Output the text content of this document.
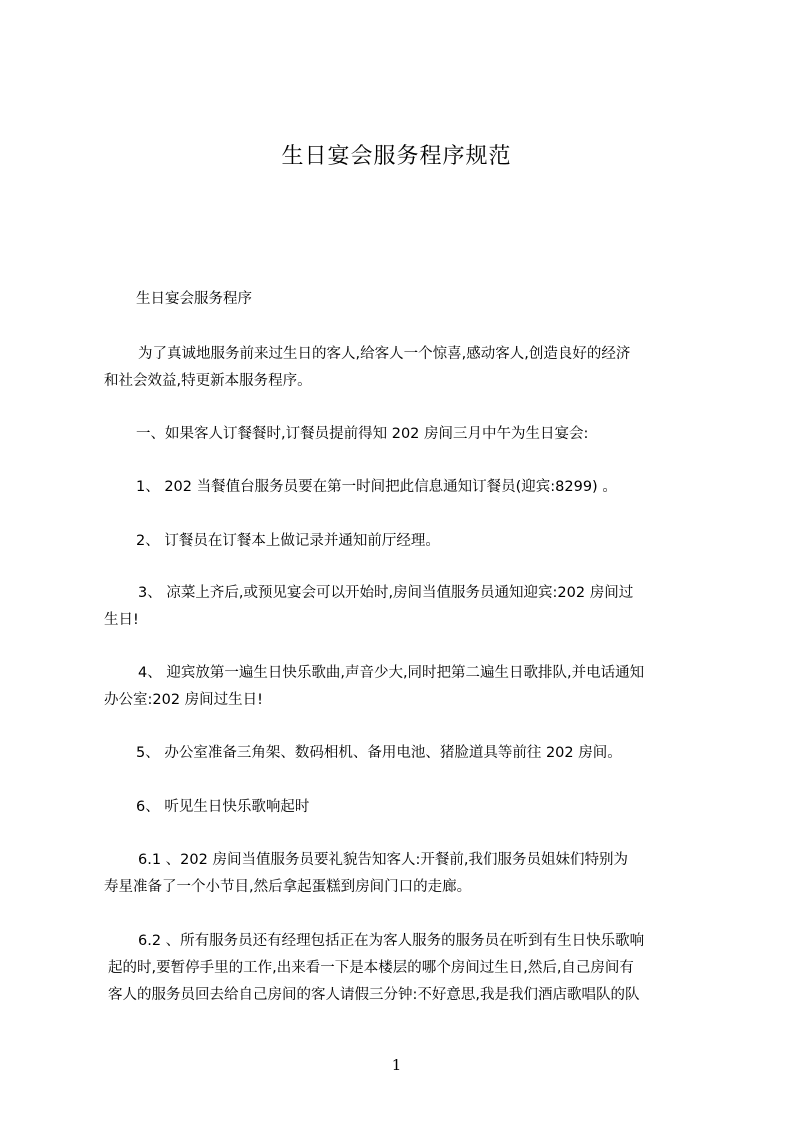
生日宴会服务程序规范
生日宴会服务程序
为了真诚地服务前来过生日的客人,给客人一个惊喜,感动客人,创造良好的经济
和社会效益,特更新本服务程序。
一、如果客人订餐餐时,订餐员提前得知 202 房间三月中午为生日宴会:
1、 202 当餐值台服务员要在第一时间把此信息通知订餐员(迎宾:8299) 。
2、 订餐员在订餐本上做记录并通知前厅经理。
3、 凉菜上齐后,或预见宴会可以开始时,房间当值服务员通知迎宾:202 房间过
生日!
4、 迎宾放第一遍生日快乐歌曲,声音少大,同时把第二遍生日歌排队,并电话通知
办公室:202 房间过生日!
5、 办公室准备三角架、数码相机、备用电池、猪脸道具等前往 202 房间。
6、 听见生日快乐歌响起时
6.1 、202 房间当值服务员要礼貌告知客人:开餐前,我们服务员姐妹们特别为
寿星准备了一个小节目,然后拿起蛋糕到房间门口的走廊。
6.2 、所有服务员还有经理包括正在为客人服务的服务员在听到有生日快乐歌响
起的时,要暂停手里的工作,出来看一下是本楼层的哪个房间过生日,然后,自己房间有
客人的服务员回去给自己房间的客人请假三分钟:不好意思,我是我们酒店歌唱队的队
1
